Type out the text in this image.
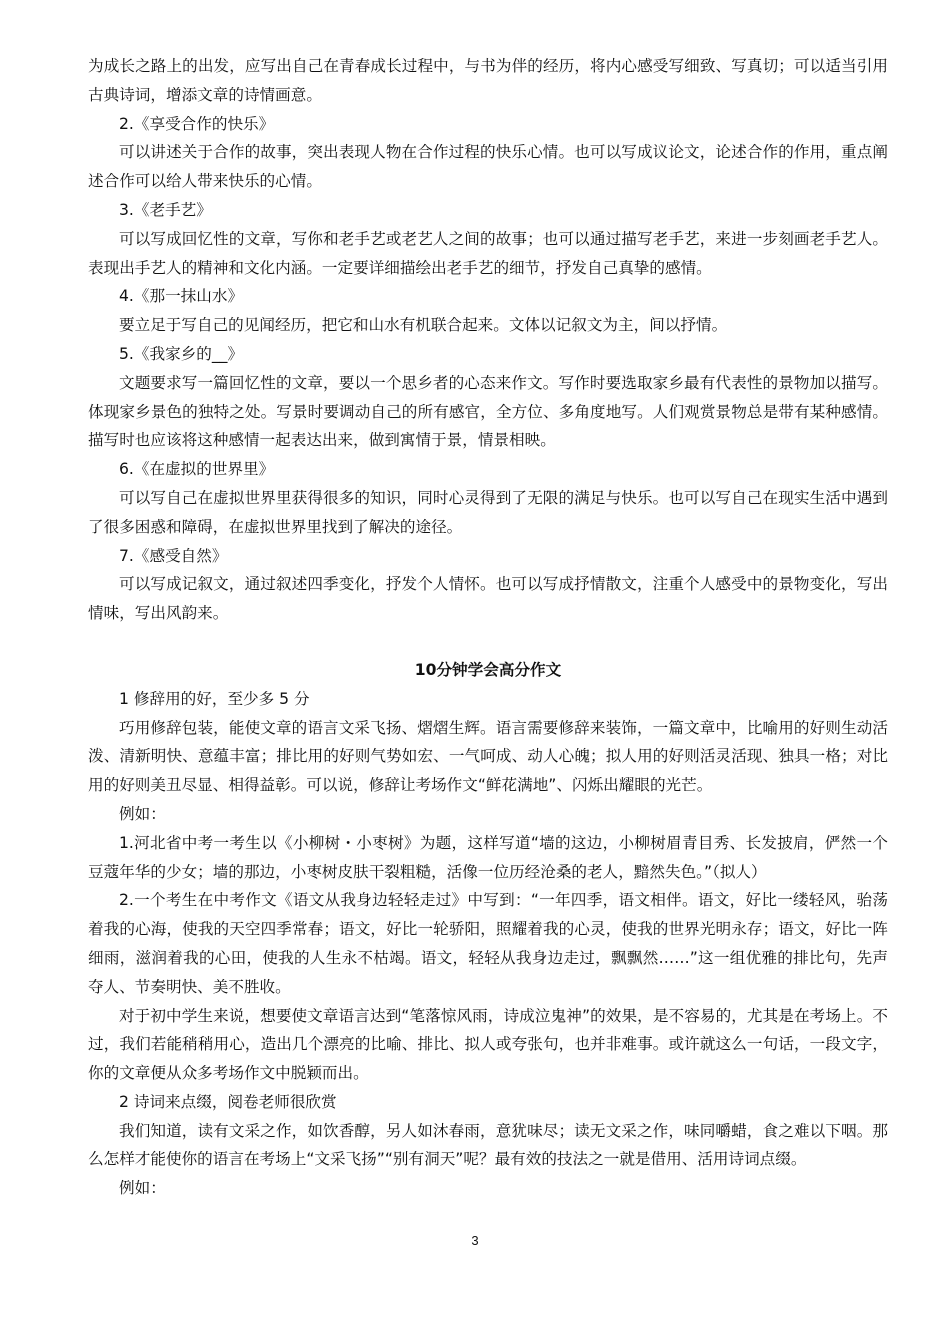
为成长之路上的出发，应写出自己在青春成长过程中，与书为伴的经历，将内心感受写细致、写真切；可以适当引用古典诗词，增添文章的诗情画意。

2.《享受合作的快乐》

可以讲述关于合作的故事，突出表现人物在合作过程的快乐心情。也可以写成议论文，论述合作的作用，重点阐述合作可以给人带来快乐的心情。

3.《老手艺》

可以写成回忆性的文章，写你和老手艺或老艺人之间的故事；也可以通过描写老手艺，来进一步刻画老手艺人。表现出手艺人的精神和文化内涵。一定要详细描绘出老手艺的细节，抒发自己真挚的感情。

4.《那一抹山水》

要立足于写自己的见闻经历，把它和山水有机联合起来。文体以记叙文为主，间以抒情。

5.《我家乡的__》

文题要求写一篇回忆性的文章，要以一个思乡者的心态来作文。写作时要选取家乡最有代表性的景物加以描写。体现家乡景色的独特之处。写景时要调动自己的所有感官，全方位、多角度地写。人们观赏景物总是带有某种感情。描写时也应该将这种感情一起表达出来，做到寓情于景，情景相映。

6.《在虚拟的世界里》

可以写自己在虚拟世界里获得很多的知识，同时心灵得到了无限的满足与快乐。也可以写自己在现实生活中遇到了很多困惑和障碍，在虚拟世界里找到了解决的途径。

7.《感受自然》

可以写成记叙文，通过叙述四季变化，抒发个人情怀。也可以写成抒情散文，注重个人感受中的景物变化，写出情味，写出风韵来。

10分钟学会高分作文

1 修辞用的好，至少多 5 分

巧用修辞包装，能使文章的语言文采飞扬、熠熠生辉。语言需要修辞来装饰，一篇文章中，比喻用的好则生动活泼、清新明快、意蕴丰富；排比用的好则气势如宏、一气呵成、动人心魄；拟人用的好则活灵活现、独具一格；对比用的好则美丑尽显、相得益彰。可以说，修辞让考场作文“鲜花满地”、闪烁出耀眼的光芒。

例如：

1.河北省中考一考生以《小柳树・小枣树》为题，这样写道“墙的这边，小柳树眉青目秀、长发披肩，俨然一个豆蔻年华的少女；墙的那边，小枣树皮肤干裂粗糙，活像一位历经沧桑的老人，黯然失色。”（拟人）

2.一个考生在中考作文《语文从我身边轻轻走过》中写到：“一年四季，语文相伴。语文，好比一缕轻风，骀荡着我的心海，使我的天空四季常春；语文，好比一轮骄阳，照耀着我的心灵，使我的世界光明永存；语文，好比一阵细雨，滋润着我的心田，使我的人生永不枯竭。语文，轻轻从我身边走过，飘飘然……”这一组优雅的排比句，先声夺人、节奏明快、美不胜收。

对于初中学生来说，想要使文章语言达到“笔落惊风雨，诗成泣鬼神”的效果，是不容易的，尤其是在考场上。不过，我们若能稍稍用心，造出几个漂亮的比喻、排比、拟人或夸张句，也并非难事。或许就这么一句话，一段文字，你的文章便从众多考场作文中脱颖而出。

2 诗词来点缀，阅卷老师很欣赏

我们知道，读有文采之作，如饮香醇，另人如沐春雨，意犹味尽；读无文采之作，味同嚼蜡，食之难以下咽。那么怎样才能使你的语言在考场上“文采飞扬”“别有洞天”呢？最有效的技法之一就是借用、活用诗词点缀。

例如：

3
